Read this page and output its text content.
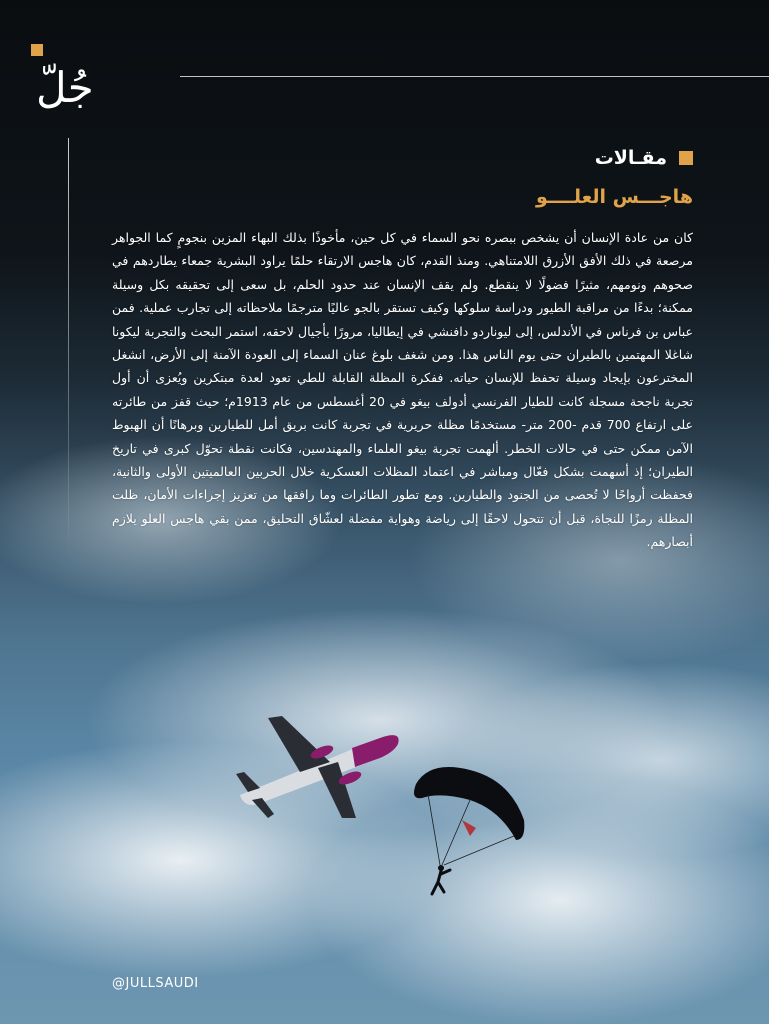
جُلّ
مقـالات
هاجـــس العلــــو
كان من عادة الإنسان أن يشخص ببصره نحو السماء في كل حين، مأخوذًا بذلك البهاء المزين بنجومٍ كما الجواهر مرصعة في ذلك الأفق الأزرق اللامتناهي. ومنذ القدم، كان هاجس الارتقاء حلمًا يراود البشرية جمعاء يطاردهم في صحوهم ونومهم، مثيرًا فضولًا لا ينقطع. ولم يقف الإنسان عند حدود الحلم، بل سعى إلى تحقيقه بكل وسيلة ممكنة؛ بدءًا من مراقبة الطيور ودراسة سلوكها وكيف تستقر بالجو عاليًا مترجمًا ملاحظاته إلى تجارب عملية. فمن عباس بن فرناس في الأندلس، إلى ليوناردو دافنشي في إيطاليا، مرورًا بأجيال لاحقه، استمر البحث والتجربة ليكونا شاغلا المهتمين بالطيران حتى يوم الناس هذا. ومن شغف بلوغ عنان السماء إلى العودة الآمنة إلى الأرض، انشغل المخترعون بإيجاد وسيلة تحفظ للإنسان حياته. ففكرة المظلة القابلة للطي تعود لعدة مبتكرين ويُعزى أن أول تجربة ناجحة مسجلة كانت للطيار الفرنسي أدولف بيغو في 20 أغسطس من عام 1913م؛ حيث قفز من طائرته على ارتفاع 700 قدم -200 متر- مستخدمًا مظلة حريرية في تجربة كانت بريق أمل للطيارين وبرهانًا أن الهبوط الآمن ممكن حتى في حالات الخطر. ألهمت تجربة بيغو العلماء والمهندسين، فكانت نقطة تحوّل كبرى في تاريخ الطيران؛ إذ أسهمت بشكل فعّال ومباشر في اعتماد المظلات العسكرية خلال الحربين العالميتين الأولى والثانية، فحفظت أرواحًا لا تُحصى من الجنود والطيارين. ومع تطور الطائرات وما رافقها من تعزيز إجراءات الأمان، ظلت المظلة رمزًا للنجاة، قبل أن تتحول لاحقًا إلى رياضة وهواية مفضلة لعشّاق التحليق، ممن بقي هاجس العلو يلازم أبصارهم.
@JULLSAUDI
